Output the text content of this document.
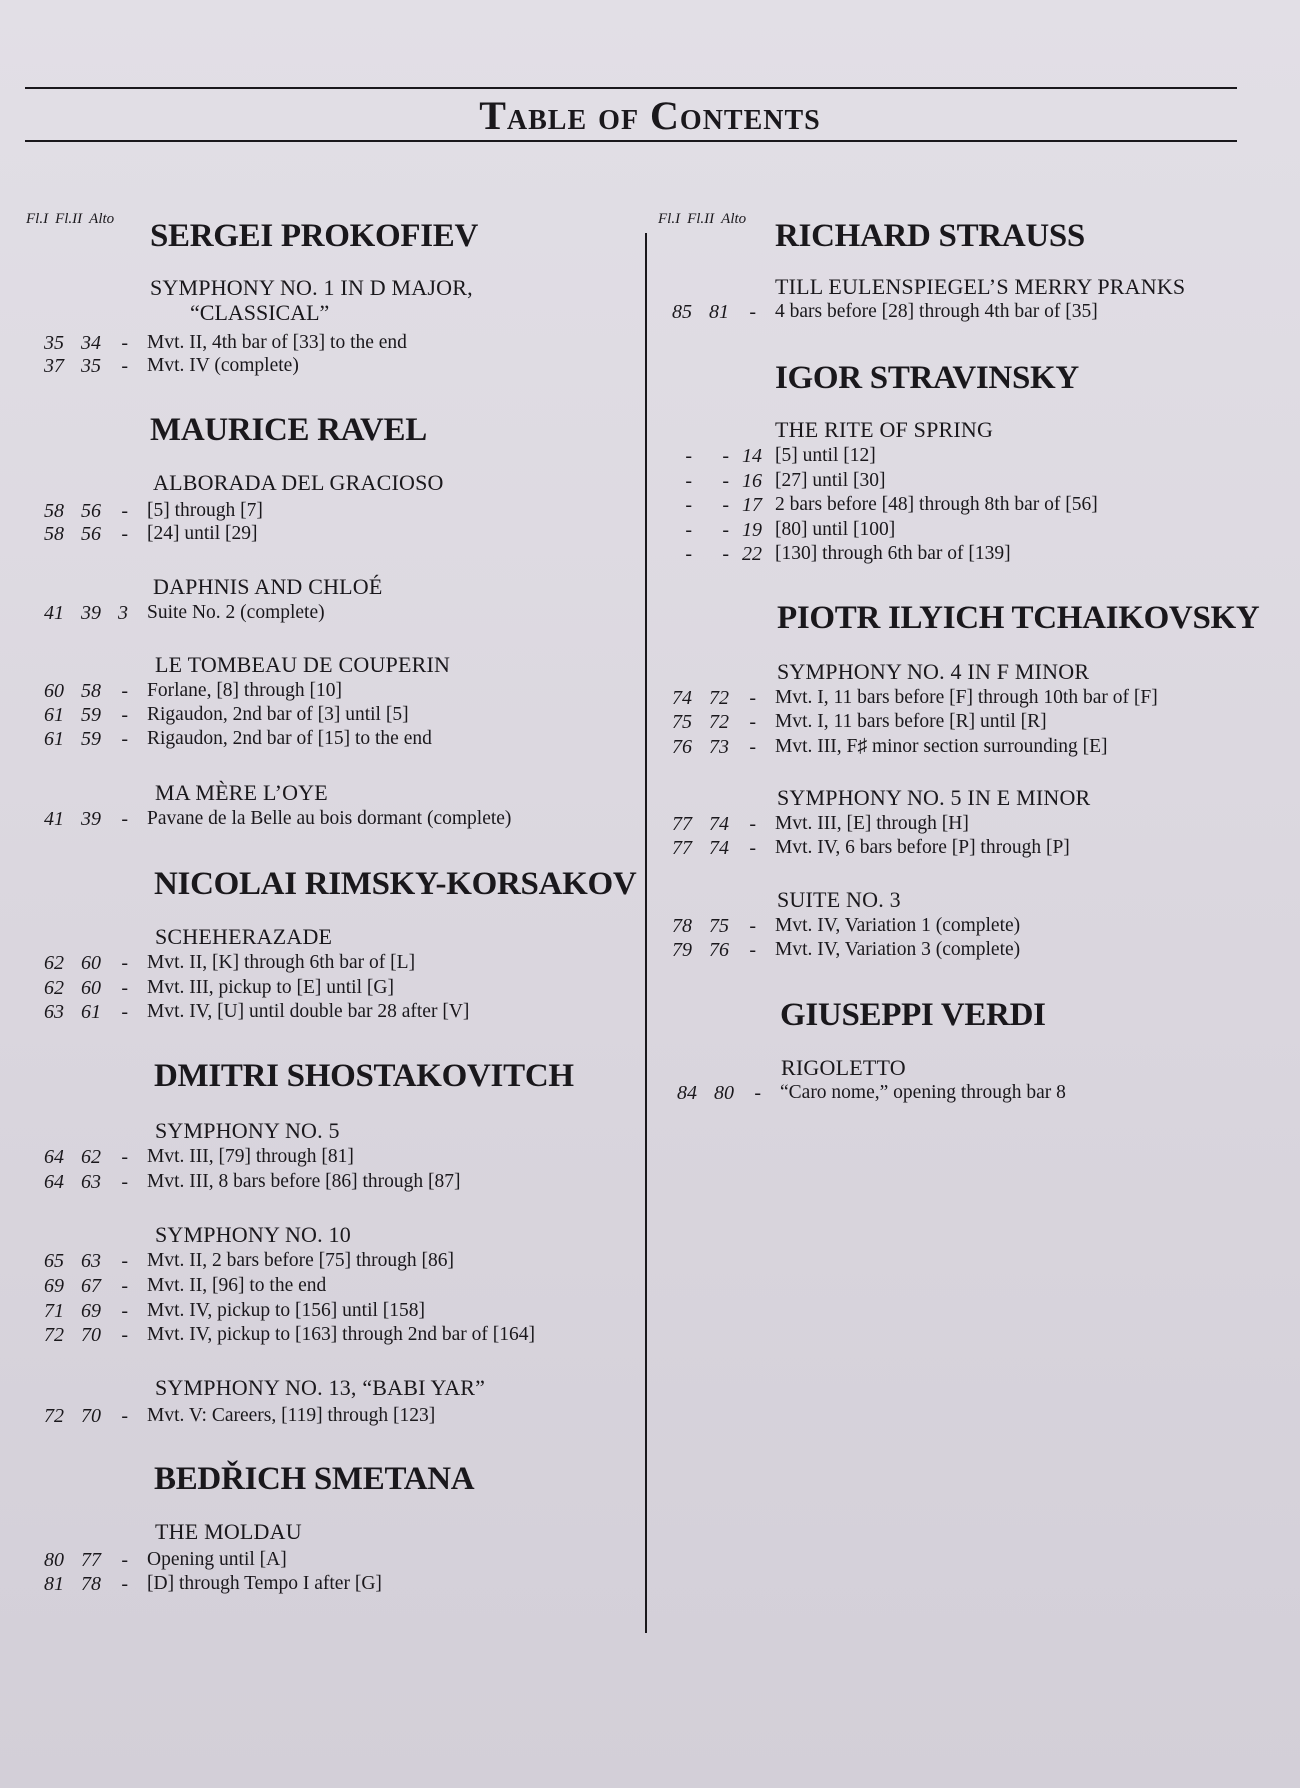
Table of Contents
Fl.I Fl.II Alto	Fl.I Fl.II Alto
SERGEI PROKOFIEV
SYMPHONY NO. 1 IN D MAJOR,
“CLASSICAL”
35 34	- Mvt. II, 4th bar of [33] to the end
37 35	- Mvt. IV (complete)
MAURICE RAVEL
ALBORADA DEL GRACIOSO
58 56	- [5] through [7]
58 56	- [24] until [29]
DAPHNIS AND CHLOÉ
41 39 3 Suite No. 2 (complete)
LE TOMBEAU DE COUPERIN
60 58	- Forlane, [8] through [10]
61 59	- Rigaudon, 2nd bar of [3] until [5]
61 59	- Rigaudon, 2nd bar of [15] to the end
MA MÈRE L’OYE
41 39	- Pavane de la Belle au bois dormant (complete)
NICOLAI RIMSKY-KORSAKOV
SCHEHERAZADE
62 60	- Mvt. II, [K] through 6th bar of [L]
62 60	- Mvt. III, pickup to [E] until [G]
63 61	- Mvt. IV, [U] until double bar 28 after [V]
DMITRI SHOSTAKOVITCH
SYMPHONY NO. 5
64 62	- Mvt. III, [79] through [81]
64 63	- Mvt. III, 8 bars before [86] through [87]
SYMPHONY NO. 10
65 63	- Mvt. II, 2 bars before [75] through [86]
69 67	- Mvt. II, [96] to the end
71 69	- Mvt. IV, pickup to [156] until [158]
72 70	- Mvt. IV, pickup to [163] through 2nd bar of [164]
SYMPHONY NO. 13, “BABI YAR”
72 70	- Mvt. V: Careers, [119] through [123]
BEDŘICH SMETANA
THE MOLDAU
80 77	- Opening until [A]
81 78	- [D] through Tempo I after [G]
RICHARD STRAUSS
TILL EULENSPIEGEL’S MERRY PRANKS
85 81	- 4 bars before [28] through 4th bar of [35]
IGOR STRAVINSKY
THE RITE OF SPRING
-	- 14 [5] until [12]
-	- 16 [27] until [30]
-	- 17 2 bars before [48] through 8th bar of [56]
-	- 19 [80] until [100]
-	- 22 [130] through 6th bar of [139]
PIOTR ILYICH TCHAIKOVSKY
SYMPHONY NO. 4 IN F MINOR
74 72	- Mvt. I, 11 bars before [F] through 10th bar of [F]
75 72	- Mvt. I, 11 bars before [R] until [R]
76 73	- Mvt. III, F♯ minor section surrounding [E]
SYMPHONY NO. 5 IN E MINOR
77 74	- Mvt. III, [E] through [H]
77 74	- Mvt. IV, 6 bars before [P] through [P]
SUITE NO. 3
78 75	- Mvt. IV, Variation 1 (complete)
79 76	- Mvt. IV, Variation 3 (complete)
GIUSEPPI VERDI
RIGOLETTO
84 80	- “Caro nome,” opening through bar 8
